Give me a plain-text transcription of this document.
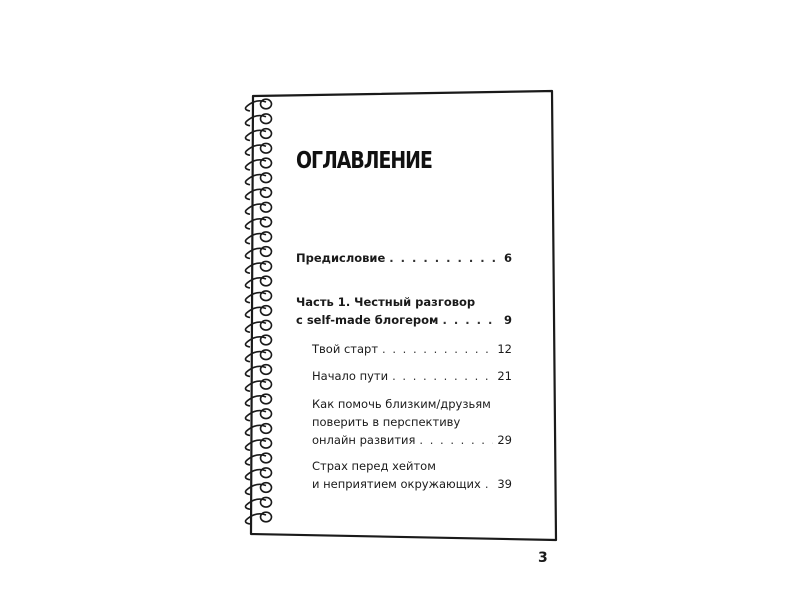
ОГЛАВЛЕНИЕ
Предисловие . . .	6
Часть 1. Честный разговор
с self-made блогером . . .	9
Твой старт . . .	12
Начало пути . . .	21
Как помочь близким/друзьям
поверить в перспективу
онлайн развития . . .	29
Страх перед хейтом
и неприятием окружающих . . . 39
3
